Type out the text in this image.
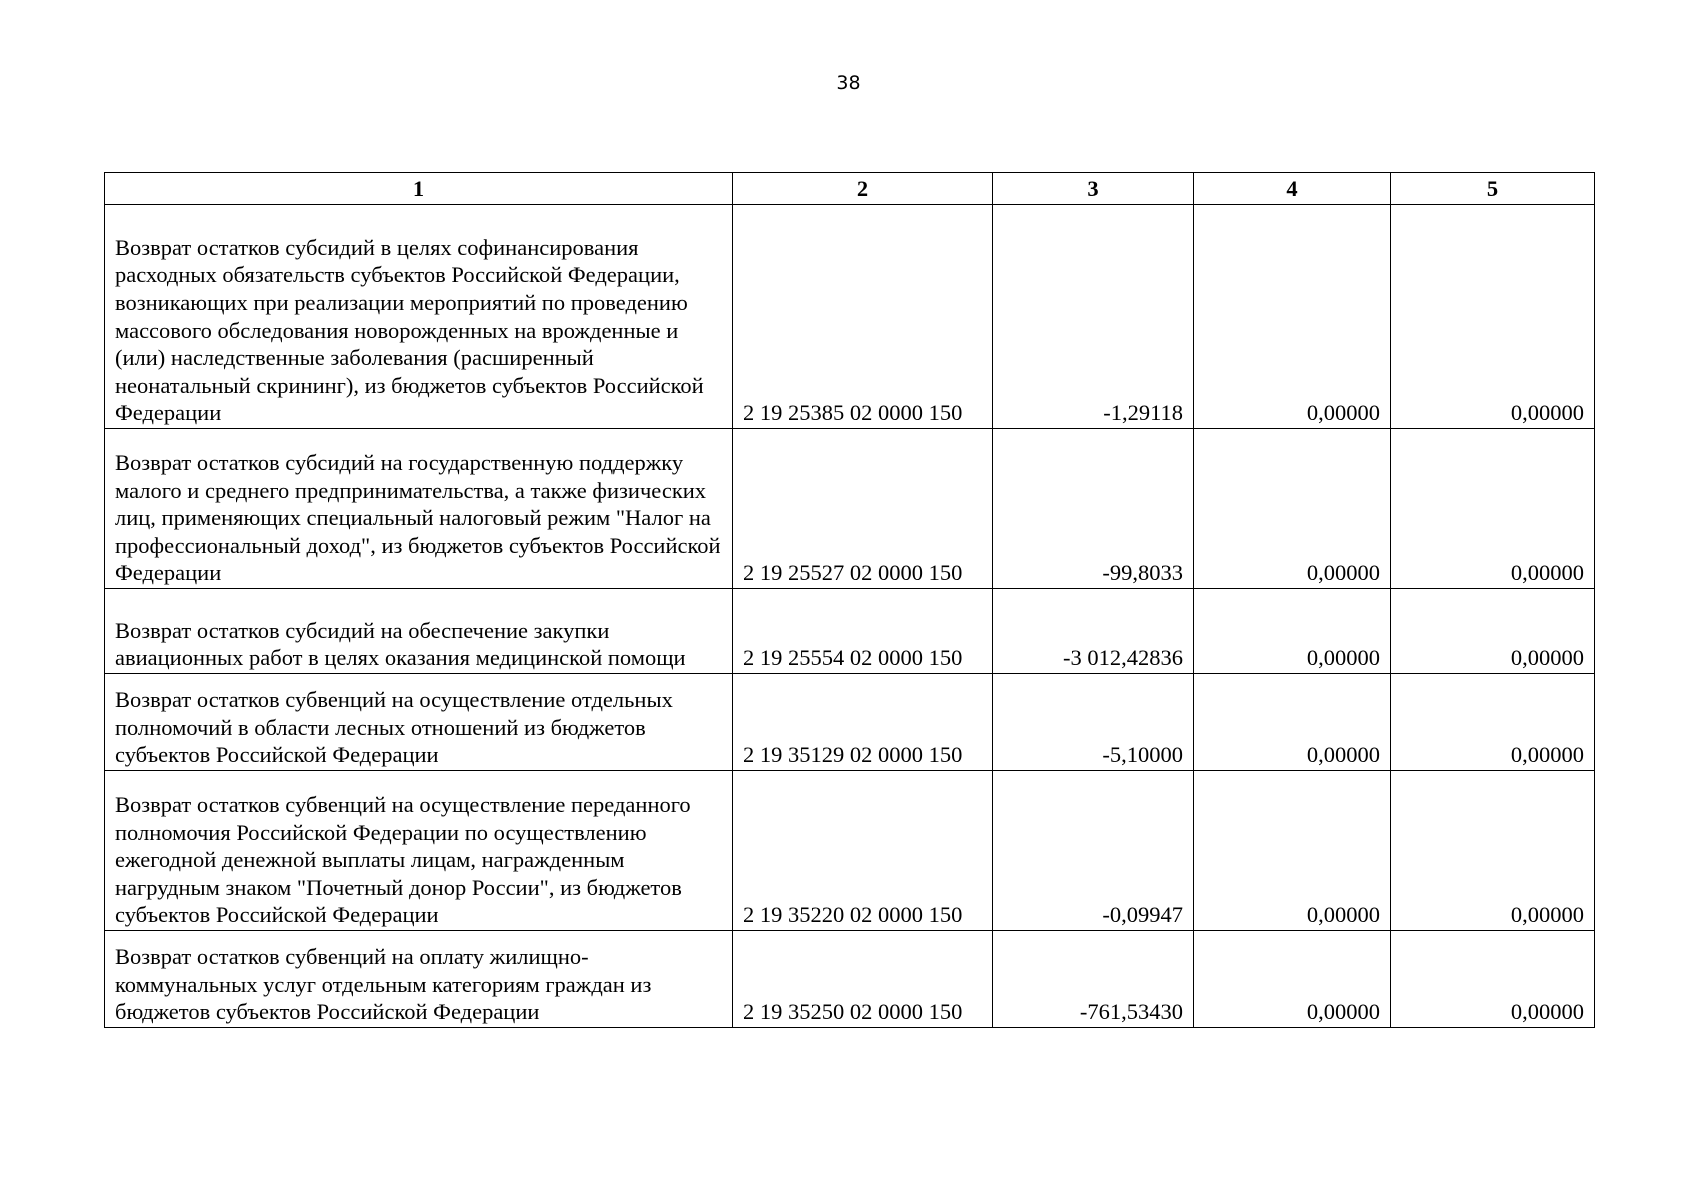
38
1	2	3	4	5
Возврат остатков субсидий в целях софинансирования расходных обязательств субъектов Российской Федерации, возникающих при реализации мероприятий по проведению массового обследования новорожденных на врожденные и (или) наследственные заболевания (расширенный неонатальный скрининг), из бюджетов субъектов Российской Федерации	2 19 25385 02 0000 150	-1,29118	0,00000	0,00000
Возврат остатков субсидий на государственную поддержку малого и среднего предпринимательства, а также физических лиц, применяющих специальный налоговый режим "Налог на профессиональный доход", из бюджетов субъектов Российской Федерации	2 19 25527 02 0000 150	-99,8033	0,00000	0,00000
Возврат остатков субсидий на обеспечение закупки авиационных работ в целях оказания медицинской помощи	2 19 25554 02 0000 150	-3 012,42836	0,00000	0,00000
Возврат остатков субвенций на осуществление отдельных полномочий в области лесных отношений из бюджетов субъектов Российской Федерации	2 19 35129 02 0000 150	-5,10000	0,00000	0,00000
Возврат остатков субвенций на осуществление переданного полномочия Российской Федерации по осуществлению ежегодной денежной выплаты лицам, награжденным нагрудным знаком "Почетный донор России", из бюджетов субъектов Российской Федерации	2 19 35220 02 0000 150	-0,09947	0,00000	0,00000
Возврат остатков субвенций на оплату жилищно-коммунальных услуг отдельным категориям граждан из бюджетов субъектов Российской Федерации	2 19 35250 02 0000 150	-761,53430	0,00000	0,00000
